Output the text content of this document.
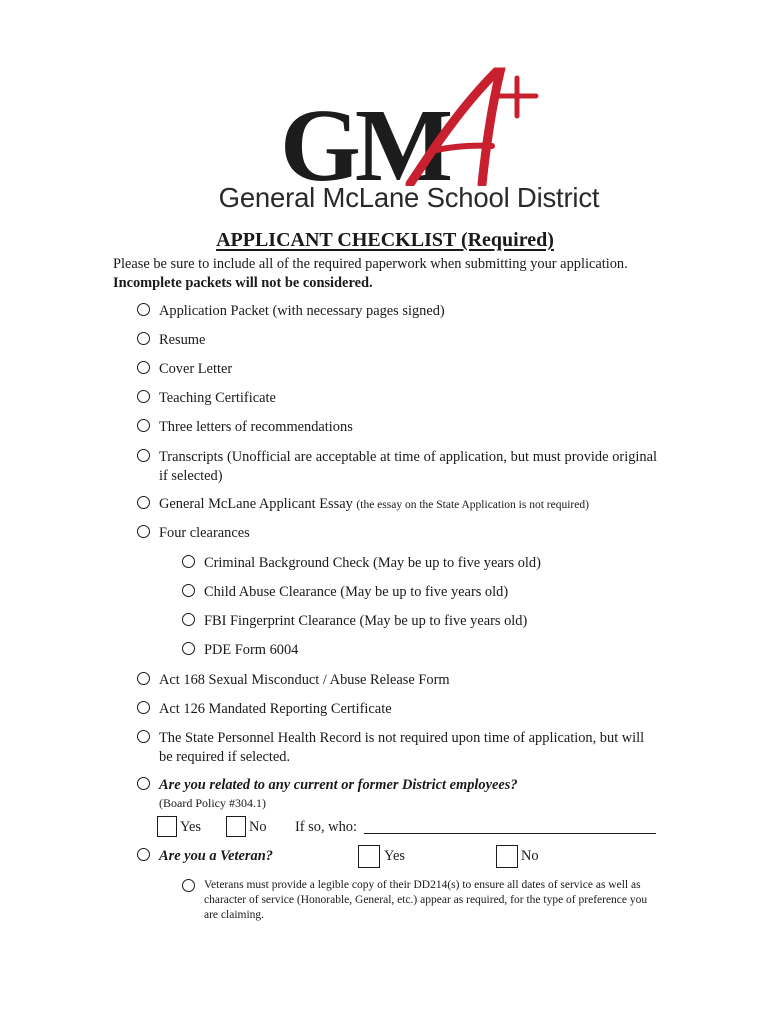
GM
General McLane School District
APPLICANT CHECKLIST (Required)
Please be sure to include all of the required paperwork when submitting your application. Incomplete packets will not be considered.
Application Packet (with necessary pages signed)
Resume
Cover Letter
Teaching Certificate
Three letters of recommendations
Transcripts (Unofficial are acceptable at time of application, but must provide original if selected)
General McLane Applicant Essay (the essay on the State Application is not required)
Four clearances
Criminal Background Check (May be up to five years old)
Child Abuse Clearance (May be up to five years old)
FBI Fingerprint Clearance (May be up to five years old)
PDE Form 6004
Act 168 Sexual Misconduct / Abuse Release Form
Act 126 Mandated Reporting Certificate
The State Personnel Health Record is not required upon time of application, but will be required if selected.
Are you related to any current or former District employees?
(Board Policy #304.1)
Yes	No If so, who:
Are you a Veteran?	Yes	No
Veterans must provide a legible copy of their DD214(s) to ensure all dates of service as well as character of service (Honorable, General, etc.) appear as required, for the type of preference you are claiming.
